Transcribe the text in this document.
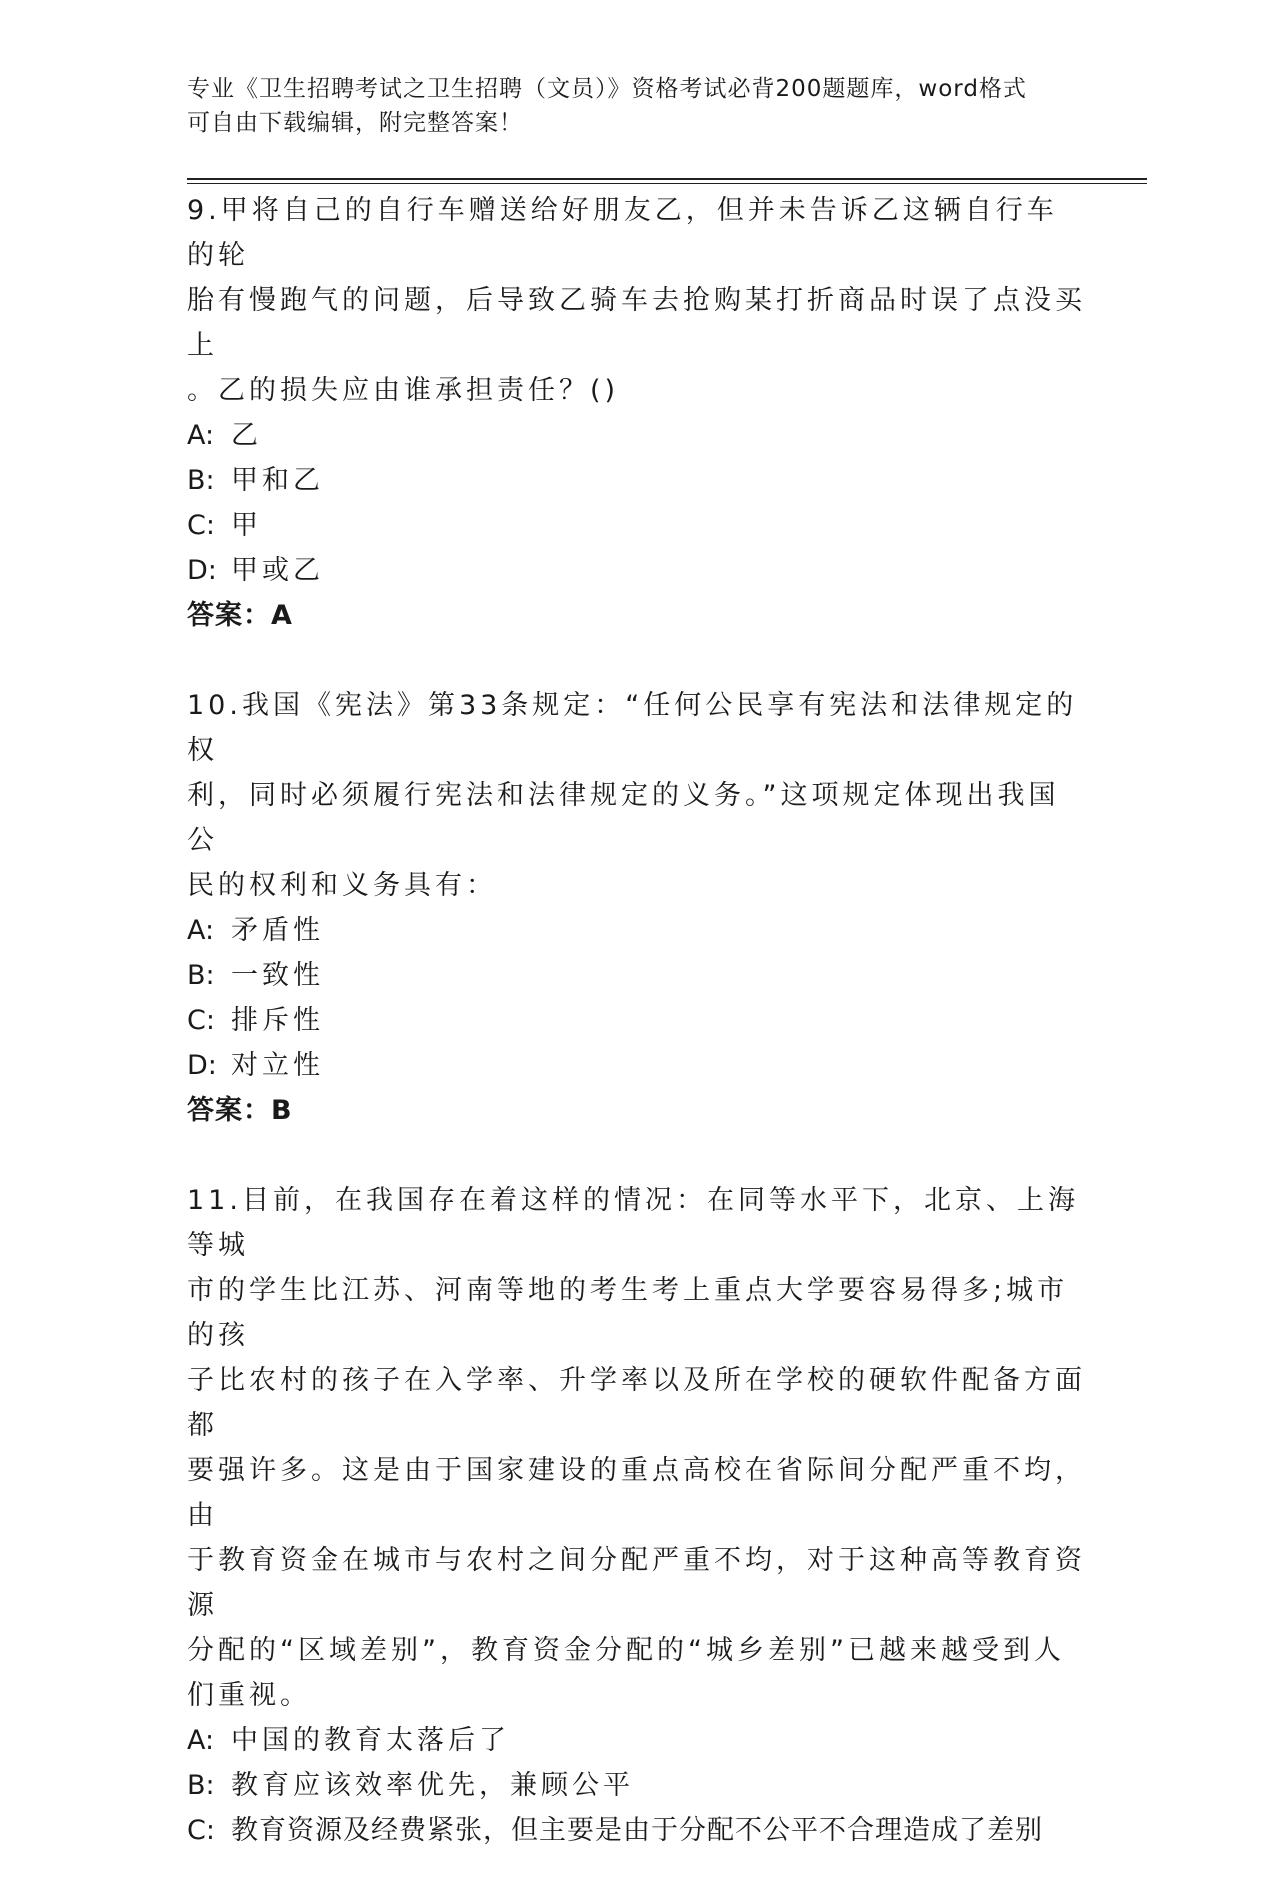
专业《卫生招聘考试之卫生招聘（文员）》资格考试必背200题题库，word格式
可自由下载编辑，附完整答案！

9.甲将自己的自行车赠送给好朋友乙，但并未告诉乙这辆自行车的轮

胎有慢跑气的问题，后导致乙骑车去抢购某打折商品时误了点没买上

。乙的损失应由谁承担责任？()

A: 乙
B: 甲和乙
C: 甲
D: 甲或乙

答案：A

10.我国《宪法》第33条规定：“任何公民享有宪法和法律规定的权

利，同时必须履行宪法和法律规定的义务。”这项规定体现出我国公

民的权利和义务具有：

A: 矛盾性
B: 一致性
C: 排斥性
D: 对立性

答案：B

11.目前，在我国存在着这样的情况：在同等水平下，北京、上海等城

市的学生比江苏、河南等地的考生考上重点大学要容易得多;城市的孩

子比农村的孩子在入学率、升学率以及所在学校的硬软件配备方面都

要强许多。这是由于国家建设的重点高校在省际间分配严重不均，由

于教育资金在城市与农村之间分配严重不均，对于这种高等教育资源

分配的“区域差别”，教育资金分配的“城乡差别”已越来越受到人

们重视。

A: 中国的教育太落后了
B: 教育应该效率优先，兼顾公平
C: 教育资源及经费紧张，但主要是由于分配不公平不合理造成了差别
